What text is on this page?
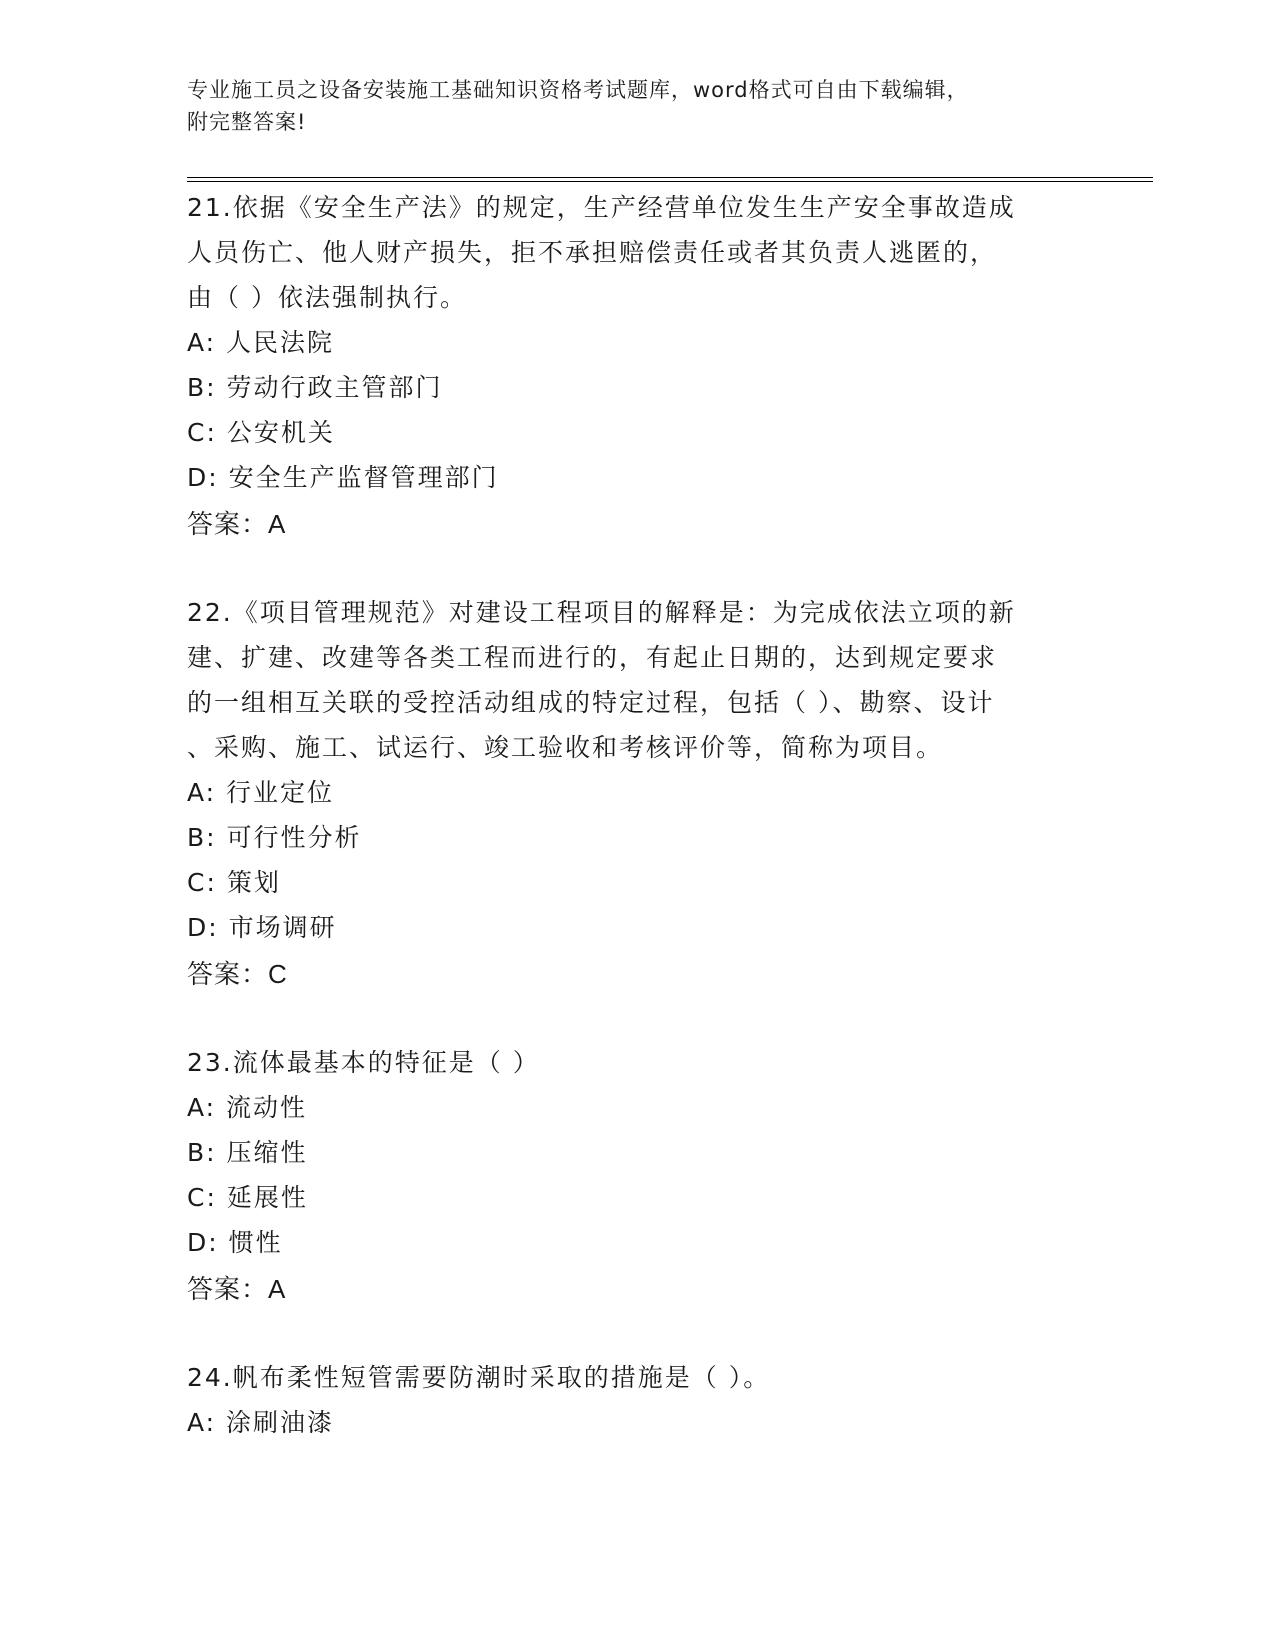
专业施工员之设备安装施工基础知识资格考试题库，word格式可自由下载编辑，
附完整答案!
21.依据《安全生产法》的规定，生产经营单位发生生产安全事故造成
人员伤亡、他人财产损失，拒不承担赔偿责任或者其负责人逃匿的，
由（ ）依法强制执行。
A: 人民法院
B: 劳动行政主管部门
C: 公安机关
D: 安全生产监督管理部门
答案：A
22.《项目管理规范》对建设工程项目的解释是：为完成依法立项的新
建、扩建、改建等各类工程而进行的，有起止日期的，达到规定要求
的一组相互关联的受控活动组成的特定过程，包括（ ）、勘察、设计
、采购、施工、试运行、竣工验收和考核评价等，简称为项目。
A: 行业定位
B: 可行性分析
C: 策划
D: 市场调研
答案：C
23.流体最基本的特征是（ ）
A: 流动性
B: 压缩性
C: 延展性
D: 惯性
答案：A
24.帆布柔性短管需要防潮时采取的措施是（ ）。
A: 涂刷油漆
